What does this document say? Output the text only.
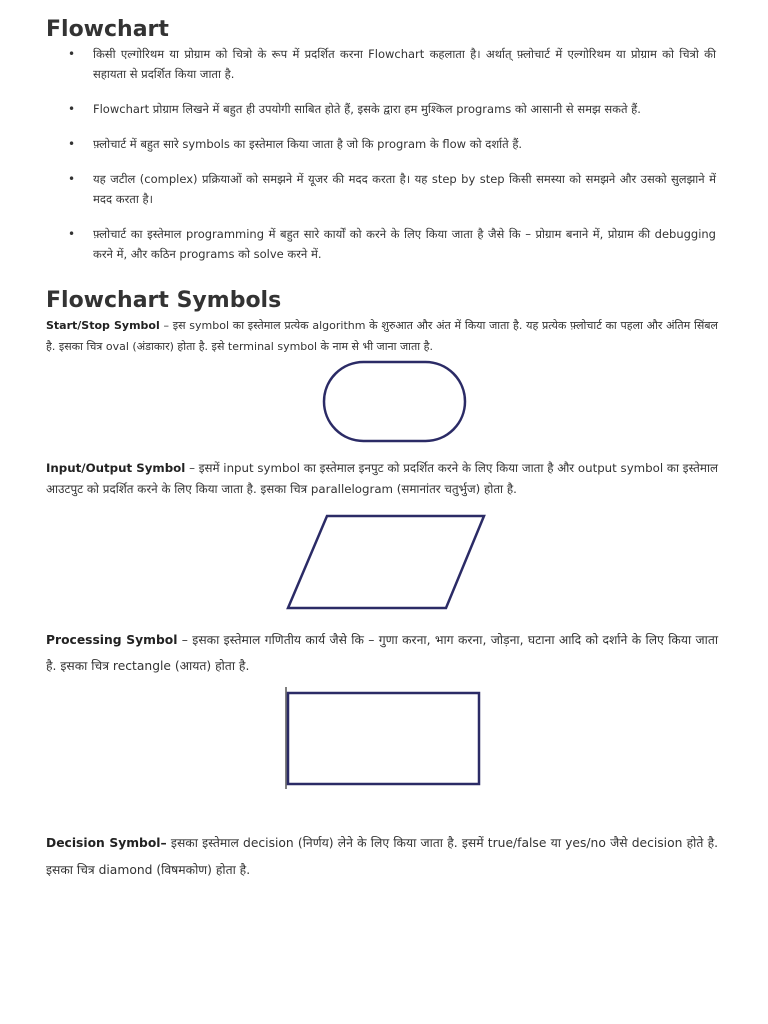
Flowchart
• किसी एल्गोरिथम या प्रोग्राम को चित्रो के रूप में प्रदर्शित करना Flowchart कहलाता है। अर्थात् फ़्लोचार्ट में एल्गोरिथम या प्रोग्राम को चित्रो की सहायता से प्रदर्शित किया जाता है.
• Flowchart प्रोग्राम लिखने में बहुत ही उपयोगी साबित होते हैं, इसके द्वारा हम मुश्किल programs को आसानी से समझ सकते हैं.
• फ़्लोचार्ट में बहुत सारे symbols का इस्तेमाल किया जाता है जो कि program के flow को दर्शाते हैं.
• यह जटील (complex) प्रक्रियाओं को समझने में यूजर की मदद करता है। यह step by step किसी समस्या को समझने और उसको सुलझाने में मदद करता है।
• फ़्लोचार्ट का इस्तेमाल programming में बहुत सारे कार्यों को करने के लिए किया जाता है जैसे कि – प्रोग्राम बनाने में, प्रोग्राम की debugging करने में, और कठिन programs को solve करने में.
Flowchart Symbols

Start/Stop Symbol – इस symbol का इस्तेमाल प्रत्येक algorithm के शुरुआत और अंत में किया जाता है. यह प्रत्येक फ़्लोचार्ट का पहला और अंतिम सिंबल है. इसका चित्र oval (अंडाकार) होता है. इसे terminal symbol के नाम से भी जाना जाता है.

Input/Output Symbol – इसमें input symbol का इस्तेमाल इनपुट को प्रदर्शित करने के लिए किया जाता है और output symbol का इस्तेमाल आउटपुट को प्रदर्शित करने के लिए किया जाता है. इसका चित्र parallelogram (समानांतर चतुर्भुज) होता है.

Processing Symbol – इसका इस्तेमाल गणितीय कार्य जैसे कि – गुणा करना, भाग करना, जोड़ना, घटाना आदि को दर्शाने के लिए किया जाता है. इसका चित्र rectangle (आयत) होता है.

Decision Symbol– इसका इस्तेमाल decision (निर्णय) लेने के लिए किया जाता है. इसमें true/false या yes/no जैसे decision होते है. इसका चित्र diamond (विषमकोण) होता है.
